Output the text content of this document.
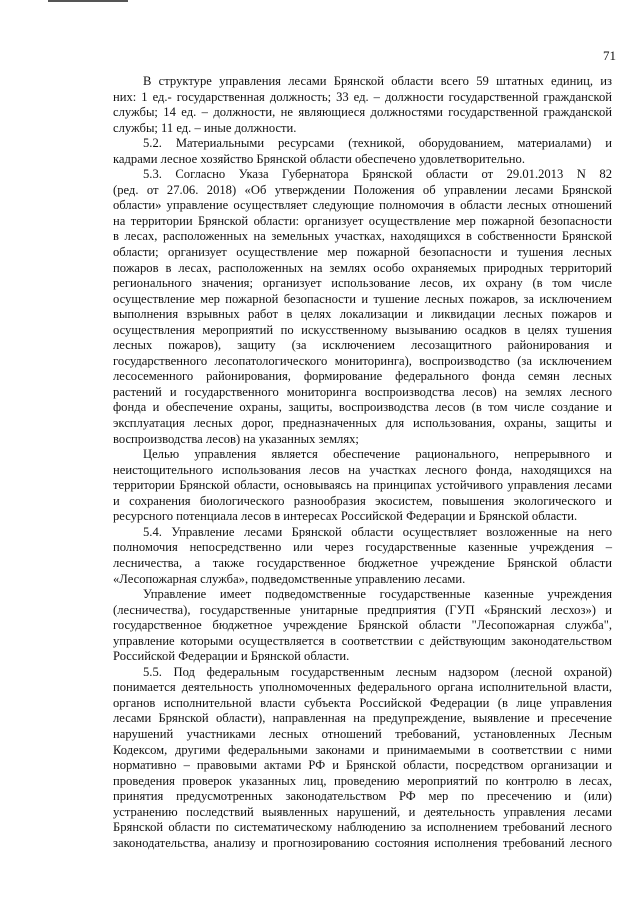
71
В структуре управления лесами Брянской области всего 59 штатных единиц, из
них: 1 ед.- государственная должность; 33 ед. – должности государственной гражданской
службы; 14 ед. – должности, не являющиеся должностями государственной гражданской
службы; 11 ед. – иные должности.
5.2. Материальными ресурсами (техникой, оборудованием, материалами) и
кадрами лесное хозяйство Брянской области обеспечено удовлетворительно.
5.3. Согласно Указа Губернатора Брянской области от 29.01.2013 N 82
(ред. от 27.06. 2018) «Об утверждении Положения об управлении лесами Брянской
области» управление осуществляет следующие полномочия в области лесных отношений
на территории Брянской области: организует осуществление мер пожарной безопасности
в лесах, расположенных на земельных участках, находящихся в собственности Брянской
области; организует осуществление мер пожарной безопасности и тушения лесных
пожаров в лесах, расположенных на землях особо охраняемых природных территорий
регионального значения; организует использование лесов, их охрану (в том числе
осуществление мер пожарной безопасности и тушение лесных пожаров, за исключением
выполнения взрывных работ в целях локализации и ликвидации лесных пожаров и
осуществления мероприятий по искусственному вызыванию осадков в целях тушения
лесных пожаров), защиту (за исключением лесозащитного районирования и
государственного лесопатологического мониторинга), воспроизводство (за исключением
лесосеменного районирования, формирование федерального фонда семян лесных
растений и государственного мониторинга воспроизводства лесов) на землях лесного
фонда и обеспечение охраны, защиты, воспроизводства лесов (в том числе создание и
эксплуатация лесных дорог, предназначенных для использования, охраны, защиты и
воспроизводства лесов) на указанных землях;
Целью управления является обеспечение рационального, непрерывного и
неистощительного использования лесов на участках лесного фонда, находящихся на
территории Брянской области, основываясь на принципах устойчивого управления лесами
и сохранения биологического разнообразия экосистем, повышения экологического и
ресурсного потенциала лесов в интересах Российской Федерации и Брянской области.
5.4. Управление лесами Брянской области осуществляет возложенные на него
полномочия непосредственно или через государственные казенные учреждения –
лесничества, а также государственное бюджетное учреждение Брянской области
«Лесопожарная служба», подведомственные управлению лесами.
Управление имеет подведомственные государственные казенные учреждения
(лесничества), государственные унитарные предприятия (ГУП «Брянский лесхоз») и
государственное бюджетное учреждение Брянской области "Лесопожарная служба",
управление которыми осуществляется в соответствии с действующим законодательством
Российской Федерации и Брянской области.
5.5. Под федеральным государственным лесным надзором (лесной охраной)
понимается деятельность уполномоченных федерального органа исполнительной власти,
органов исполнительной власти субъекта Российской Федерации (в лице управления
лесами Брянской области), направленная на предупреждение, выявление и пресечение
нарушений участниками лесных отношений требований, установленных Лесным
Кодексом, другими федеральными законами и принимаемыми в соответствии с ними
нормативно – правовыми актами РФ и Брянской области, посредством организации и
проведения проверок указанных лиц, проведению мероприятий по контролю в лесах,
принятия предусмотренных законодательством РФ мер по пресечению и (или)
устранению последствий выявленных нарушений, и деятельность управления лесами
Брянской области по систематическому наблюдению за исполнением требований лесного
законодательства, анализу и прогнозированию состояния исполнения требований лесного
